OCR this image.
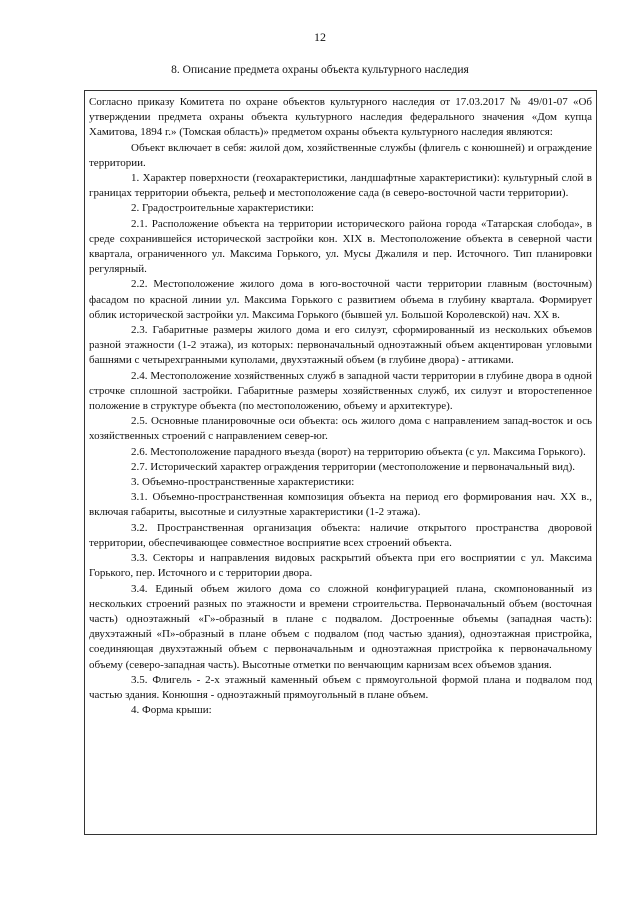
12
8. Описание предмета охраны объекта культурного наследия

Согласно приказу Комитета по охране объектов культурного наследия от 17.03.2017 № 49/01-07 «Об утверждении предмета охраны объекта культурного наследия федерального значения «Дом купца Хамитова, 1894 г.» (Томская область)» предметом охраны объекта культурного наследия являются:

Объект включает в себя: жилой дом, хозяйственные службы (флигель с конюшней) и ограждение территории.

1. Характер поверхности (геохарактеристики, ландшафтные характеристики): культурный слой в границах территории объекта, рельеф и местоположение сада (в северо-восточной части территории).

2. Градостроительные характеристики:

2.1. Расположение объекта на территории исторического района города «Татарская слобода», в среде сохранившейся исторической застройки кон. XIX в. Местоположение объекта в северной части квартала, ограниченного ул. Максима Горького, ул. Мусы Джалиля и пер. Источного. Тип планировки регулярный.

2.2. Местоположение жилого дома в юго-восточной части территории главным (восточным) фасадом по красной линии ул. Максима Горького с развитием объема в глубину квартала. Формирует облик исторической застройки ул. Максима Горького (бывшей ул. Большой Королевской) нач. XX в.

2.3. Габаритные размеры жилого дома и его силуэт, сформированный из нескольких объемов разной этажности (1-2 этажа), из которых: первоначальный одноэтажный объем акцентирован угловыми башнями с четырехгранными куполами, двухэтажный объем (в глубине двора) - аттиками.

2.4. Местоположение хозяйственных служб в западной части территории в глубине двора в одной строчке сплошной застройки. Габаритные размеры хозяйственных служб, их силуэт и второстепенное положение в структуре объекта (по местоположению, объему и архитектуре).

2.5. Основные планировочные оси объекта: ось жилого дома с направлением запад-восток и ось хозяйственных строений с направлением север-юг.

2.6. Местоположение парадного въезда (ворот) на территорию объекта (с ул. Максима Горького).

2.7. Исторический характер ограждения территории (местоположение и первоначальный вид).

3. Объемно-пространственные характеристики:

3.1. Объемно-пространственная композиция объекта на период его формирования нач. XX в., включая габариты, высотные и силуэтные характеристики (1-2 этажа).

3.2. Пространственная организация объекта: наличие открытого пространства дворовой территории, обеспечивающее совместное восприятие всех строений объекта.

3.3. Секторы и направления видовых раскрытий объекта при его восприятии с ул. Максима Горького, пер. Источного и с территории двора.

3.4. Единый объем жилого дома со сложной конфигурацией плана, скомпонованный из нескольких строений разных по этажности и времени строительства. Первоначальный объем (восточная часть) одноэтажный «Г»-образный в плане с подвалом. Достроенные объемы (западная часть): двухэтажный «П»-образный в плане объем с подвалом (под частью здания), одноэтажная пристройка, соединяющая двухэтажный объем с первоначальным и одноэтажная пристройка к первоначальному объему (северо-западная часть). Высотные отметки по венчающим карнизам всех объемов здания.

3.5. Флигель - 2-х этажный каменный объем с прямоугольной формой плана и подвалом под частью здания. Конюшня - одноэтажный прямоугольный в плане объем.

4. Форма крыши:
